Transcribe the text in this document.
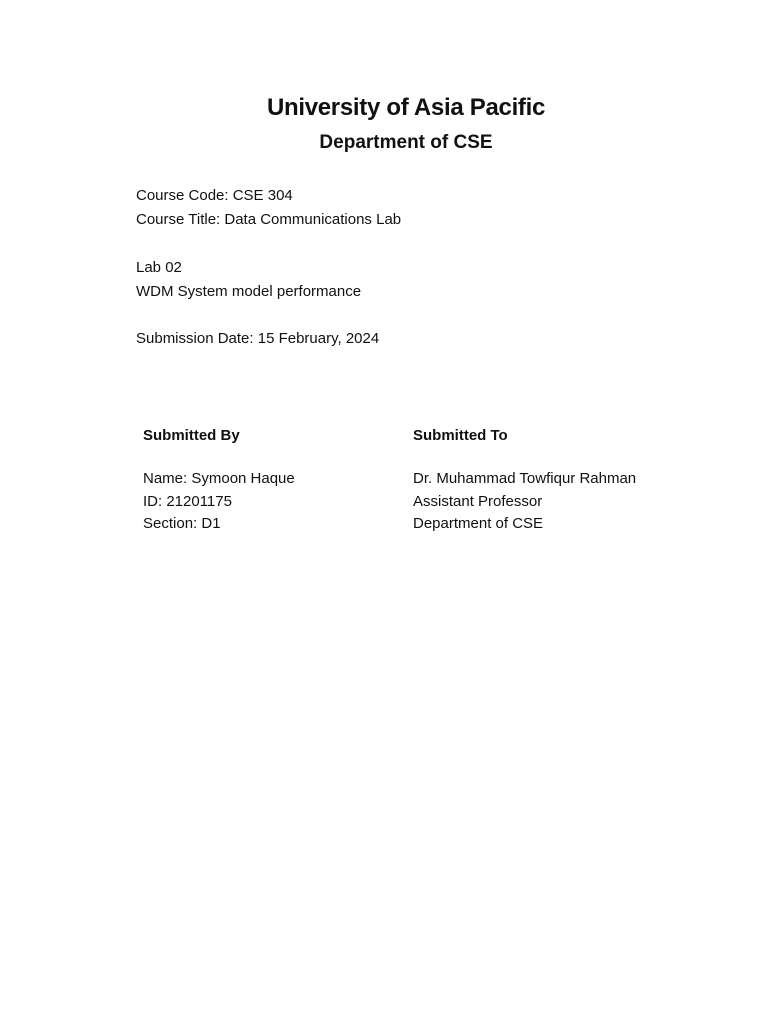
University of Asia Pacific
Department of CSE
Course Code: CSE 304
Course Title: Data Communications Lab
Lab 02
WDM System model performance
Submission Date: 15 February, 2024
Submitted By
Name: Symoon Haque
ID: 21201175
Section: D1
Submitted To
Dr. Muhammad Towfiqur Rahman
Assistant Professor
Department of CSE
